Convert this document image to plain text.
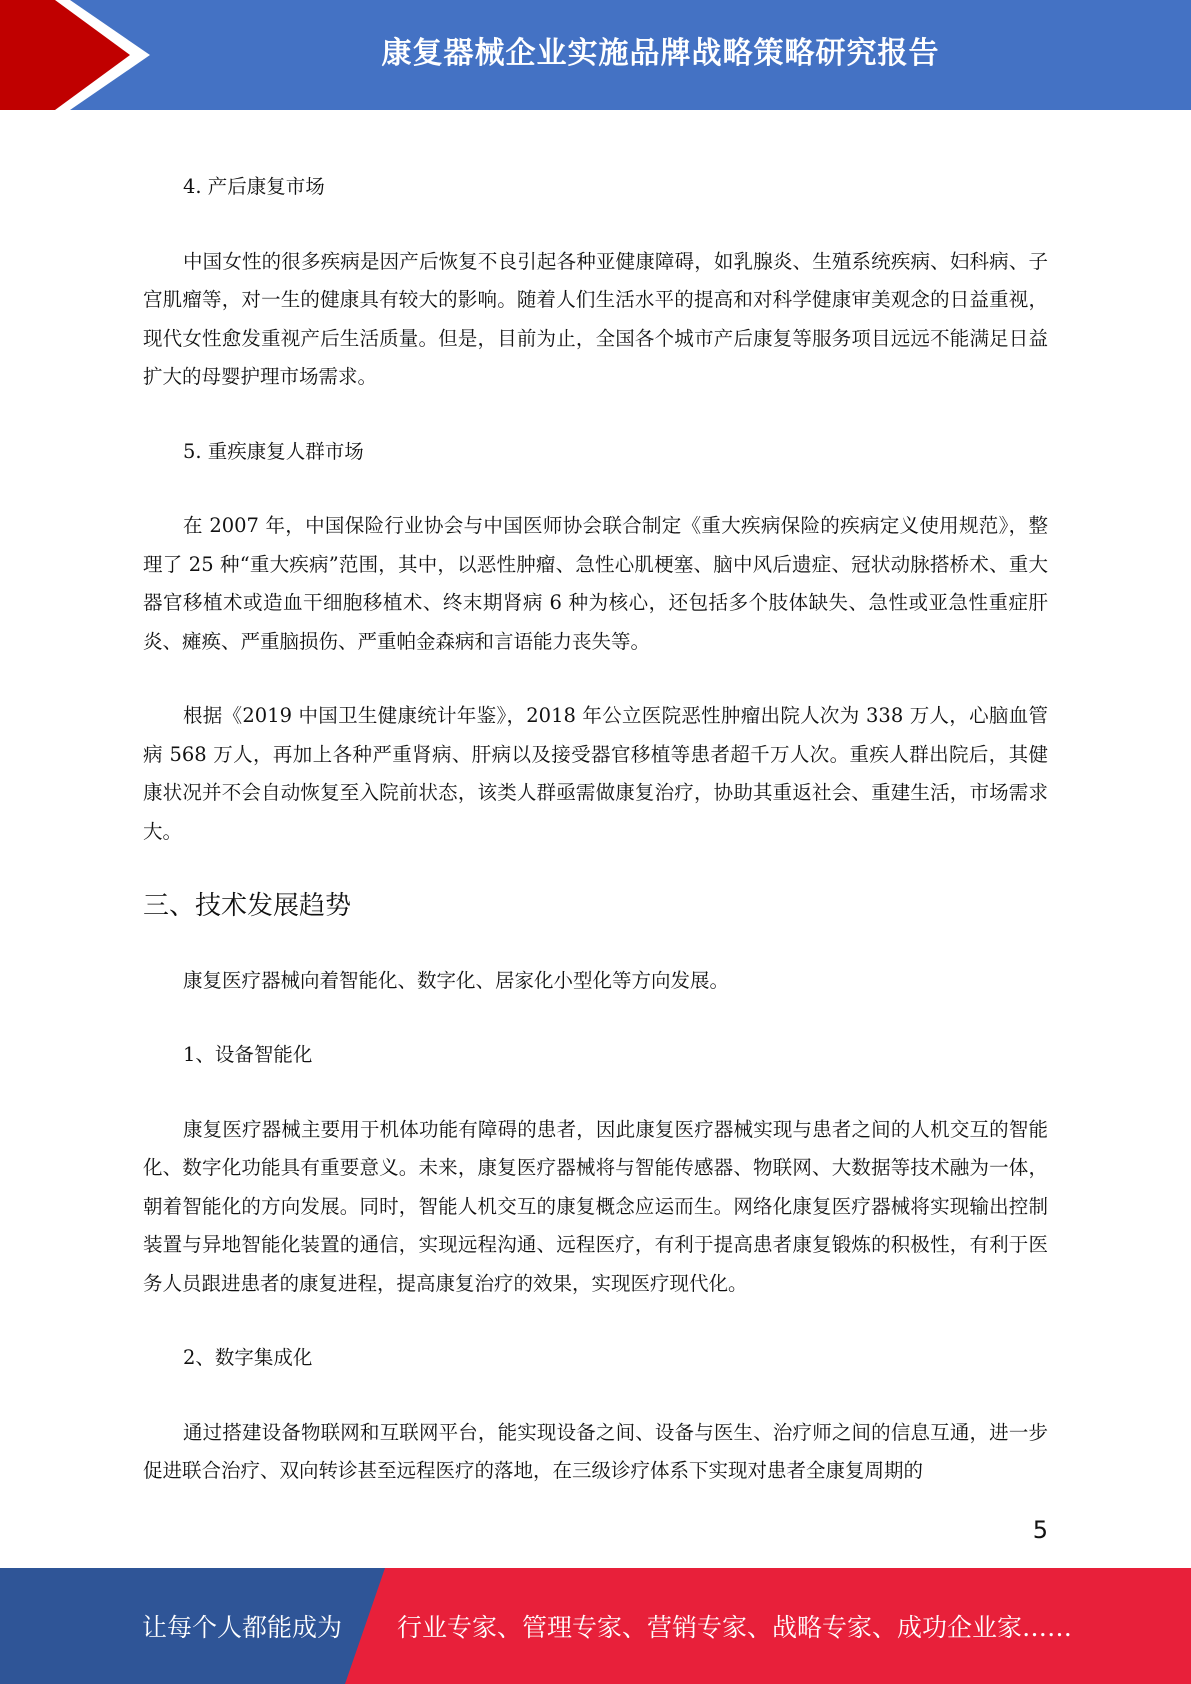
康复器械企业实施品牌战略策略研究报告
4. 产后康复市场

中国女性的很多疾病是因产后恢复不良引起各种亚健康障碍，如乳腺炎、生殖系统疾病、妇科病、子宫肌瘤等，对一生的健康具有较大的影响。随着人们生活水平的提高和对科学健康审美观念的日益重视，现代女性愈发重视产后生活质量。但是，目前为止，全国各个城市产后康复等服务项目远远不能满足日益扩大的母婴护理市场需求。

5. 重疾康复人群市场

在 2007 年，中国保险行业协会与中国医师协会联合制定《重大疾病保险的疾病定义使用规范》，整理了 25 种“重大疾病”范围，其中，以恶性肿瘤、急性心肌梗塞、脑中风后遗症、冠状动脉搭桥术、重大器官移植术或造血干细胞移植术、终末期肾病 6 种为核心，还包括多个肢体缺失、急性或亚急性重症肝炎、瘫痪、严重脑损伤、严重帕金森病和言语能力丧失等。

根据《2019 中国卫生健康统计年鉴》，2018 年公立医院恶性肿瘤出院人次为 338 万人，心脑血管病 568 万人，再加上各种严重肾病、肝病以及接受器官移植等患者超千万人次。重疾人群出院后，其健康状况并不会自动恢复至入院前状态，该类人群亟需做康复治疗，协助其重返社会、重建生活，市场需求大。

三、技术发展趋势

康复医疗器械向着智能化、数字化、居家化小型化等方向发展。

1、设备智能化

康复医疗器械主要用于机体功能有障碍的患者，因此康复医疗器械实现与患者之间的人机交互的智能化、数字化功能具有重要意义。未来，康复医疗器械将与智能传感器、物联网、大数据等技术融为一体，朝着智能化的方向发展。同时，智能人机交互的康复概念应运而生。网络化康复医疗器械将实现输出控制装置与异地智能化装置的通信，实现远程沟通、远程医疗，有利于提高患者康复锻炼的积极性，有利于医务人员跟进患者的康复进程，提高康复治疗的效果，实现医疗现代化。

2、数字集成化

通过搭建设备物联网和互联网平台，能实现设备之间、设备与医生、治疗师之间的信息互通，进一步促进联合治疗、双向转诊甚至远程医疗的落地，在三级诊疗体系下实现对患者全康复周期的

5
让每个人都能成为 行业专家、管理专家、营销专家、战略专家、成功企业家……
